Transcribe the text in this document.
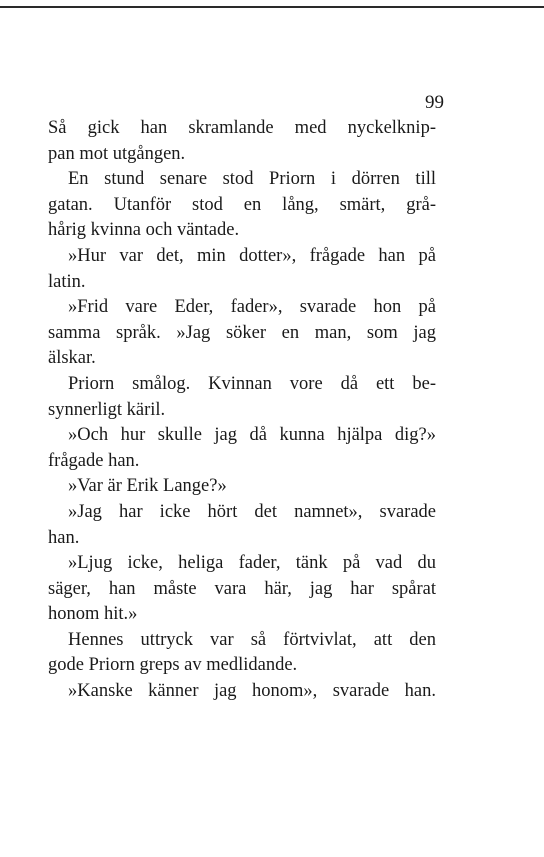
99
Så gick han skramlande med nyckelknip-
pan mot utgången.
En stund senare stod Priorn i dörren till
gatan. Utanför stod en lång, smärt, grå-
hårig kvinna och väntade.
»Hur var det, min dotter», frågade han på
latin.
»Frid vare Eder, fader», svarade hon på
samma språk. »Jag söker en man, som jag
älskar.
Priorn smålog. Kvinnan vore då ett be-
synnerligt käril.
»Och hur skulle jag då kunna hjälpa dig?»
frågade han.
»Var är Erik Lange?»
»Jag har icke hört det namnet», svarade
han.
»Ljug icke, heliga fader, tänk på vad du
säger, han måste vara här, jag har spårat
honom hit.»
Hennes uttryck var så förtvivlat, att den
gode Priorn greps av medlidande.
»Kanske känner jag honom», svarade han.
